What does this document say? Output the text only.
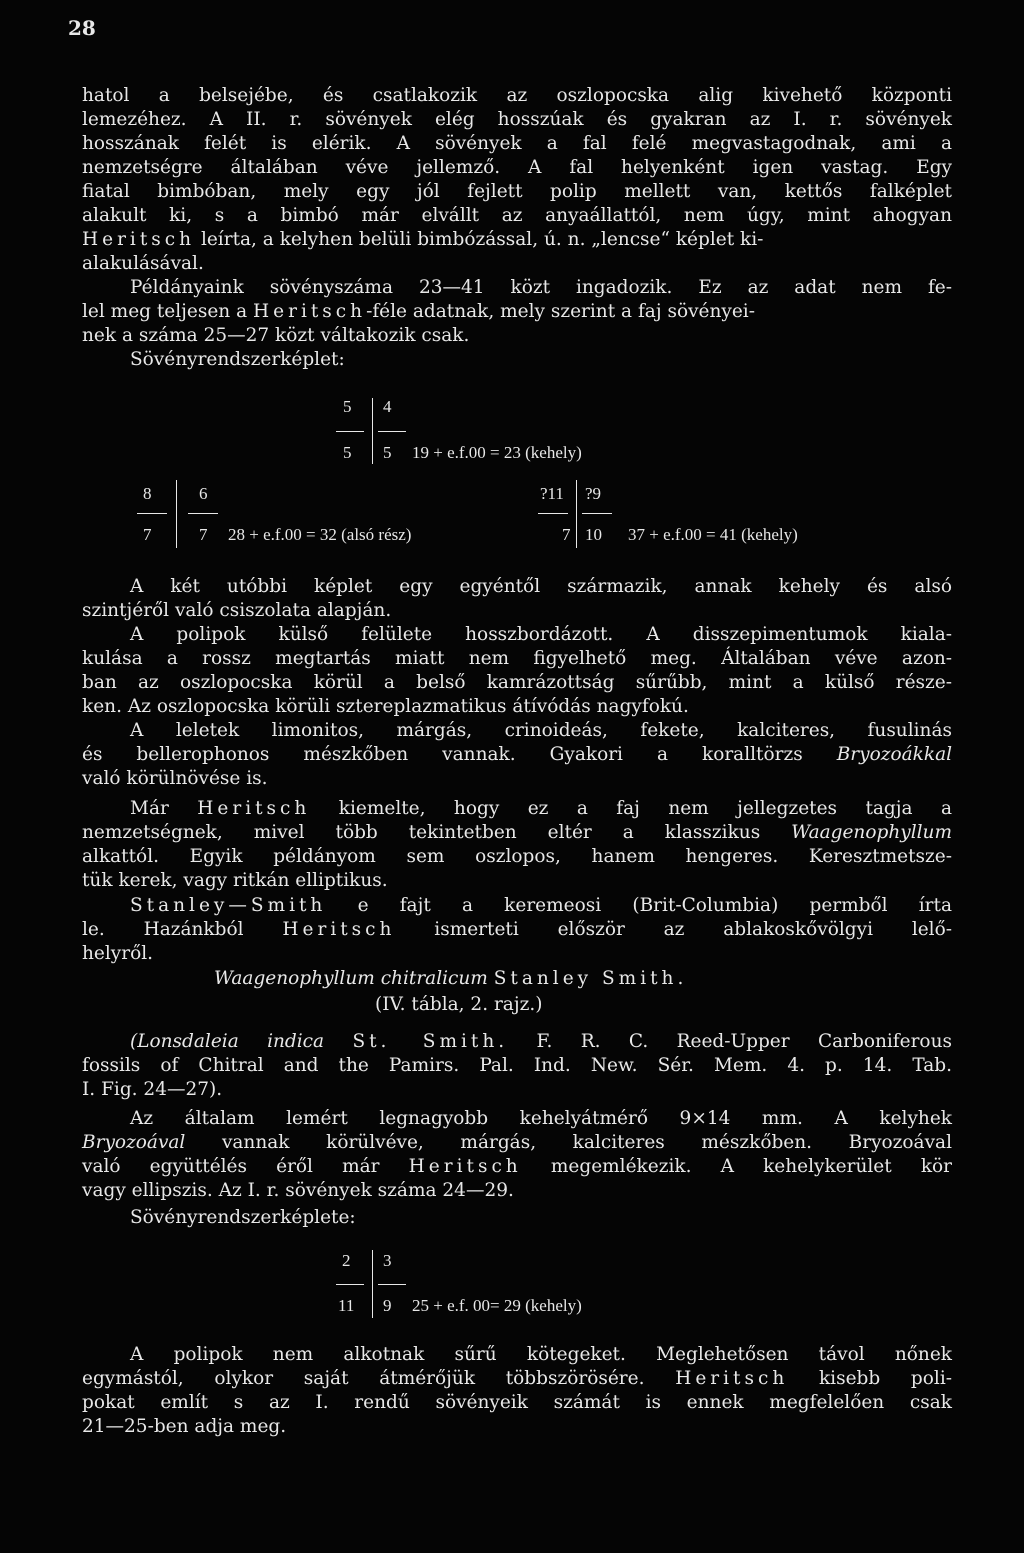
28
hatol a belsejébe, és csatlakozik az oszlopocska alig kivehető központi
lemezéhez. A II. r. sövények elég hosszúak és gyakran az I. r. sövények
hosszának felét is elérik. A sövények a fal felé megvastagodnak, ami a
nemzetségre általában véve jellemző. A fal helyenként igen vastag. Egy
fiatal bimbóban, mely egy jól fejlett polip mellett van, kettős falképlet
alakult ki, s a bimbó már elvállt az anyaállattól, nem úgy, mint ahogyan
Heritsch leírta, a kelyhen belüli bimbózással, ú. n. „lencse“ képlet ki-
alakulásával.
Példányaink sövényszáma 23—41 közt ingadozik. Ez az adat nem fe-
lel meg teljesen a Heritsch-féle adatnak, mely szerint a faj sövényei-
nek a száma 25—27 közt váltakozik csak.
Sövényrendszerképlet:
5 4
5 5 19 + e.f.00 = 23 (kehely)
8	6
7	7 28 + e.f.00 = 32 (alsó rész)
?11 ?9
7 10 37 + e.f.00 = 41 (kehely)
A két utóbbi képlet egy egyéntől származik, annak kehely és alsó
szintjéről való csiszolata alapján.
A polipok külső felülete hosszbordázott. A disszepimentumok kiala-
kulása a rossz megtartás miatt nem figyelhető meg. Általában véve azon-
ban az oszlopocska körül a belső kamrázottság sűrűbb, mint a külső része-
ken. Az oszlopocska körüli sztereplazmatikus átívódás nagyfokú.
A leletek limonitos, márgás, crinoideás, fekete, kalciteres, fusulinás
és bellerophonos mészkőben vannak. Gyakori a koralltörzs Bryozoákkal
való körülnövése is.
Már Heritsch kiemelte, hogy ez a faj nem jellegzetes tagja a
nemzetségnek, mivel több tekintetben eltér a klasszikus Waagenophyllum
alkattól. Egyik példányom sem oszlopos, hanem hengeres. Keresztmetsze-
tük kerek, vagy ritkán elliptikus.
Stanley—Smith e fajt a keremeosi (Brit-Columbia) permből írta
le. Hazánkból Heritsch ismerteti először az ablakoskővölgyi lelő-
helyről.
Waagenophyllum chitralicum Stanley Smith.
(IV. tábla, 2. rajz.)
(Lonsdaleia indica St. Smith. F. R. C. Reed-Upper Carboniferous
fossils of Chitral and the Pamirs. Pal. Ind. New. Sér. Mem. 4. p. 14. Tab.
I. Fig. 24—27).
Az általam lemért legnagyobb kehelyátmérő 9×14 mm. A kelyhek
Bryozoával vannak körülvéve, márgás, kalciteres mészkőben. Bryozoával
való együttélés éről már Heritsch megemlékezik. A kehelykerület kör
vagy ellipszis. Az I. r. sövények száma 24—29.
Sövényrendszerképlete:
2 3
11 9 25 + e.f. 00= 29 (kehely)
A polipok nem alkotnak sűrű kötegeket. Meglehetősen távol nőnek
egymástól, olykor saját átmérőjük többszörösére. Heritsch kisebb poli-
pokat említ s az I. rendű sövényeik számát is ennek megfelelően csak
21—25-ben adja meg.
